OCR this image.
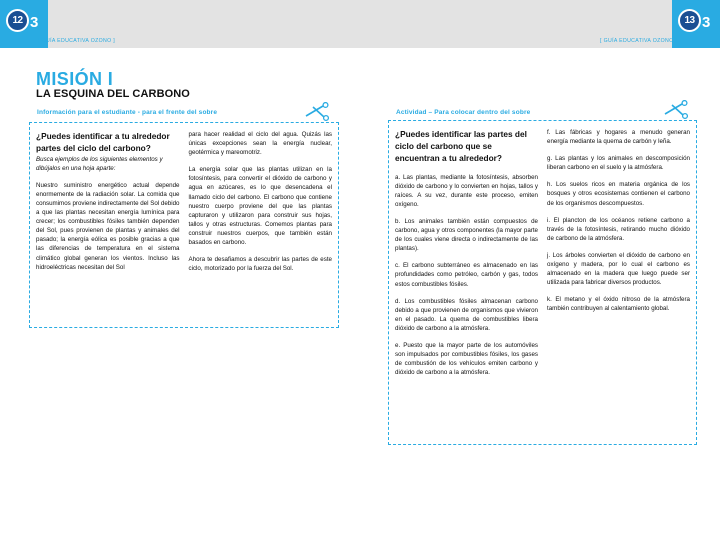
12 3	13 3
[ GUÍA EDUCATIVA OZONO ]	[ GUÍA EDUCATIVA OZONO ]
MISIÓN I
LA ESQUINA DEL CARBONO
Información para el estudiante - para el frente del sobre	Actividad – Para colocar dentro del sobre
¿Puedes identificar a tu alrededor partes del ciclo del carbono?
Busca ejemplos de los siguientes elementos y dibújalos en una hoja aparte:

Nuestro suministro energético actual depende enormemente de la radiación solar. La comida que consumimos proviene indirectamente del Sol debido a que las plantas necesitan energía lumínica para crecer; los combustibles fósiles también dependen del Sol, pues provienen de plantas y animales del pasado; la energía eólica es posible gracias a que las diferencias de temperatura en el sistema climático global generan los vientos. Incluso las hidroeléctricas necesitan del Sol

para hacer realidad el ciclo del agua. Quizás las únicas excepciones sean la energía nuclear, geotérmica y mareomotriz.

La energía solar que las plantas utilizan en la fotosíntesis, para convertir el dióxido de carbono y agua en azúcares, es lo que desencadena el llamado ciclo del carbono. El carbono que contiene nuestro cuerpo proviene del que las plantas capturaron y utilizaron para construir sus hojas, tallos y otras estructuras. Comemos plantas para construir nuestros cuerpos, que también están basados en carbono.

Ahora te desafiamos a descubrir las partes de este ciclo, motorizado por la fuerza del Sol.

¿Puedes identificar las partes del ciclo del carbono que se encuentran a tu alrededor?

a. Las plantas, mediante la fotosíntesis, absorben dióxido de carbono y lo convierten en hojas, tallos y raíces. A su vez, durante este proceso, emiten oxígeno.

b. Los animales también están compuestos de carbono, agua y otros componentes (la mayor parte de los cuales viene directa o indirectamente de las plantas).

c. El carbono subterráneo es almacenado en las profundidades como petróleo, carbón y gas, todos estos combustibles fósiles.

d. Los combustibles fósiles almacenan carbono debido a que provienen de organismos que vivieron en el pasado. La quema de combustibles libera dióxido de carbono a la atmósfera.

e. Puesto que la mayor parte de los automóviles son impulsados por combustibles fósiles, los gases de combustión de los vehículos emiten carbono y dióxido de carbono a la atmósfera.

f. Las fábricas y hogares a menudo generan energía mediante la quema de carbón y leña.

g. Las plantas y los animales en descomposición liberan carbono en el suelo y la atmósfera.

h. Los suelos ricos en materia orgánica de los bosques y otros ecosistemas contienen el carbono de los organismos descompuestos.

i. El plancton de los océanos retiene carbono a través de la fotosíntesis, retirando mucho dióxido de carbono de la atmósfera.

j. Los árboles convierten el dióxido de carbono en oxígeno y madera, por lo cual el carbono es almacenado en la madera que luego puede ser utilizada para fabricar diversos productos.

k. El metano y el óxido nitroso de la atmósfera también contribuyen al calentamiento global.
